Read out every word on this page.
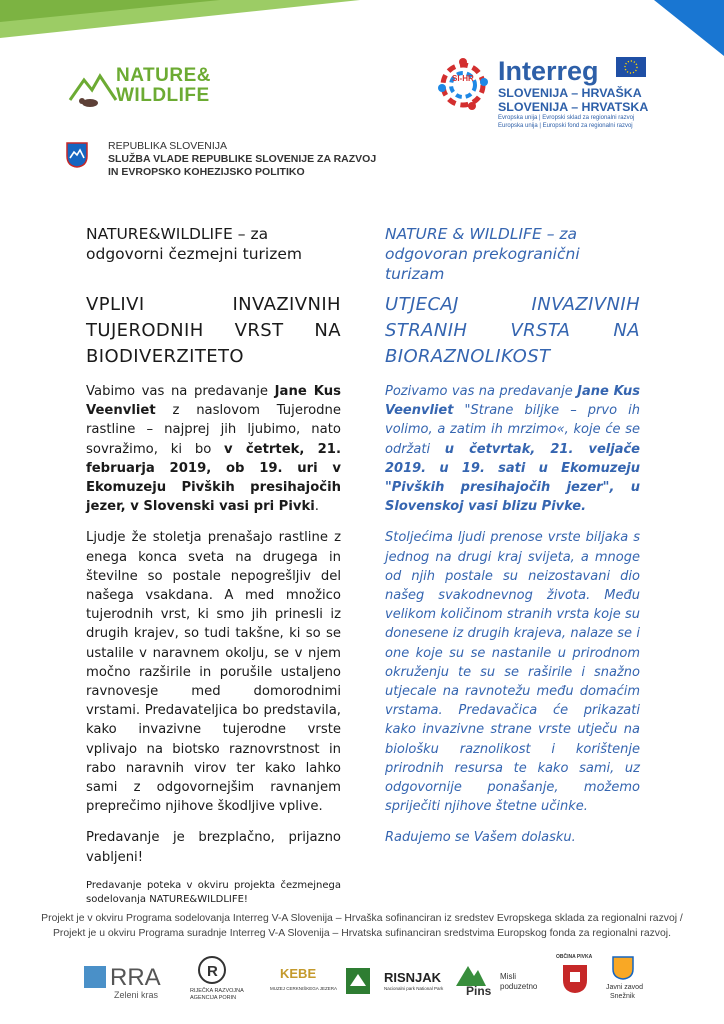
NATURE& WILDLIFE
SI-HR Interreg
SLOVENIJA – HRVAŠKA
SLOVENIJA – HRVATSKA
Evropska unija | Evropski sklad za regionalni razvoj
Europska unija | Europski fond za regionalni razvoj
REPUBLIKA SLOVENIJA
SLUŽBA VLADE REPUBLIKE SLOVENIJE ZA RAZVOJ
IN EVROPSKO KOHEZIJSKO POLITIKO
NATURE&WILDLIFE – za odgovorni čezmejni turizem
VPLIVI INVAZIVNIH TUJERODNIH VRST NA BIODIVERZITETO

Vabimo vas na predavanje Jane Kus Veenvliet z naslovom Tujerodne rastline – najprej jih ljubimo, nato sovražimo, ki bo v četrtek, 21. februarja 2019, ob 19. uri v Ekomuzeju Pivških presihajočih jezer, v Slovenski vasi pri Pivki.

Ljudje že stoletja prenašajo rastline z enega konca sveta na drugega in številne so postale nepogrešljiv del našega vsakdana. A med množico tujerodnih vrst, ki smo jih prinesli iz drugih krajev, so tudi takšne, ki so se ustalile v naravnem okolju, se v njem močno razširile in porušile ustaljeno ravnovesje med domorodnimi vrstami. Predavateljica bo predstavila, kako invazivne tujerodne vrste vplivajo na biotsko raznovrstnost in rabo naravnih virov ter kako lahko sami z odgovornejšim ravnanjem preprečimo njihove škodljive vplive.

Predavanje je brezplačno, prijazno vabljeni!

Predavanje poteka v okviru projekta čezmejnega sodelovanja NATURE&WILDLIFE!

NATURE & WILDLIFE – za odgovoran prekogranični turizam
UTJECAJ INVAZIVNIH STRANIH VRSTA NA BIORAZNOLIKOST

Pozivamo vas na predavanje Jane Kus Veenvliet "Strane biljke – prvo ih volimo, a zatim ih mrzimo«, koje će se održati u četvrtak, 21. veljače 2019. u 19. sati u Ekomuzeju "Pivških presihajočih jezer", u Slovenskoj vasi blizu Pivke.

Stoljećima ljudi prenose vrste biljaka s jednog na drugi kraj svijeta, a mnoge od njih postale su neizostavani dio našeg svakodnevnog života. Među velikom količinom stranih vrsta koje su donesene iz drugih krajeva, nalaze se i one koje su se nastanile u prirodnom okruženju te su se raširile i snažno utjecale na ravnotežu među domaćim vrstama. Predavačica će prikazati kako invazivne strane vrste utječu na biološku raznolikost i korištenje prirodnih resursa te kako sami, uz odgovornije ponašanje, možemo spriječiti njihove štetne učinke.

Radujemo se Vašem dolasku.

Projekt je v okviru Programa sodelovanja Interreg V-A Slovenija – Hrvaška sofinanciran iz sredstev Evropskega sklada za regionalni razvoj /
Projekt je u okviru Programa suradnje Interreg V-A Slovenija – Hrvatska sufinanciran sredstvima Europskog fonda za regionalni razvoj.
RRA
Zeleni kras
R
RIJEČKA RAZVOJNA
AGENCIJA PORIN
KEBE
MUZEJ CERKNIŠKEGA JEZERA
RISNJAK
Nacionalni park National Park Pins
Misli poduzetno
OBČINA PIVKA
Javni zavod
Snežnik
